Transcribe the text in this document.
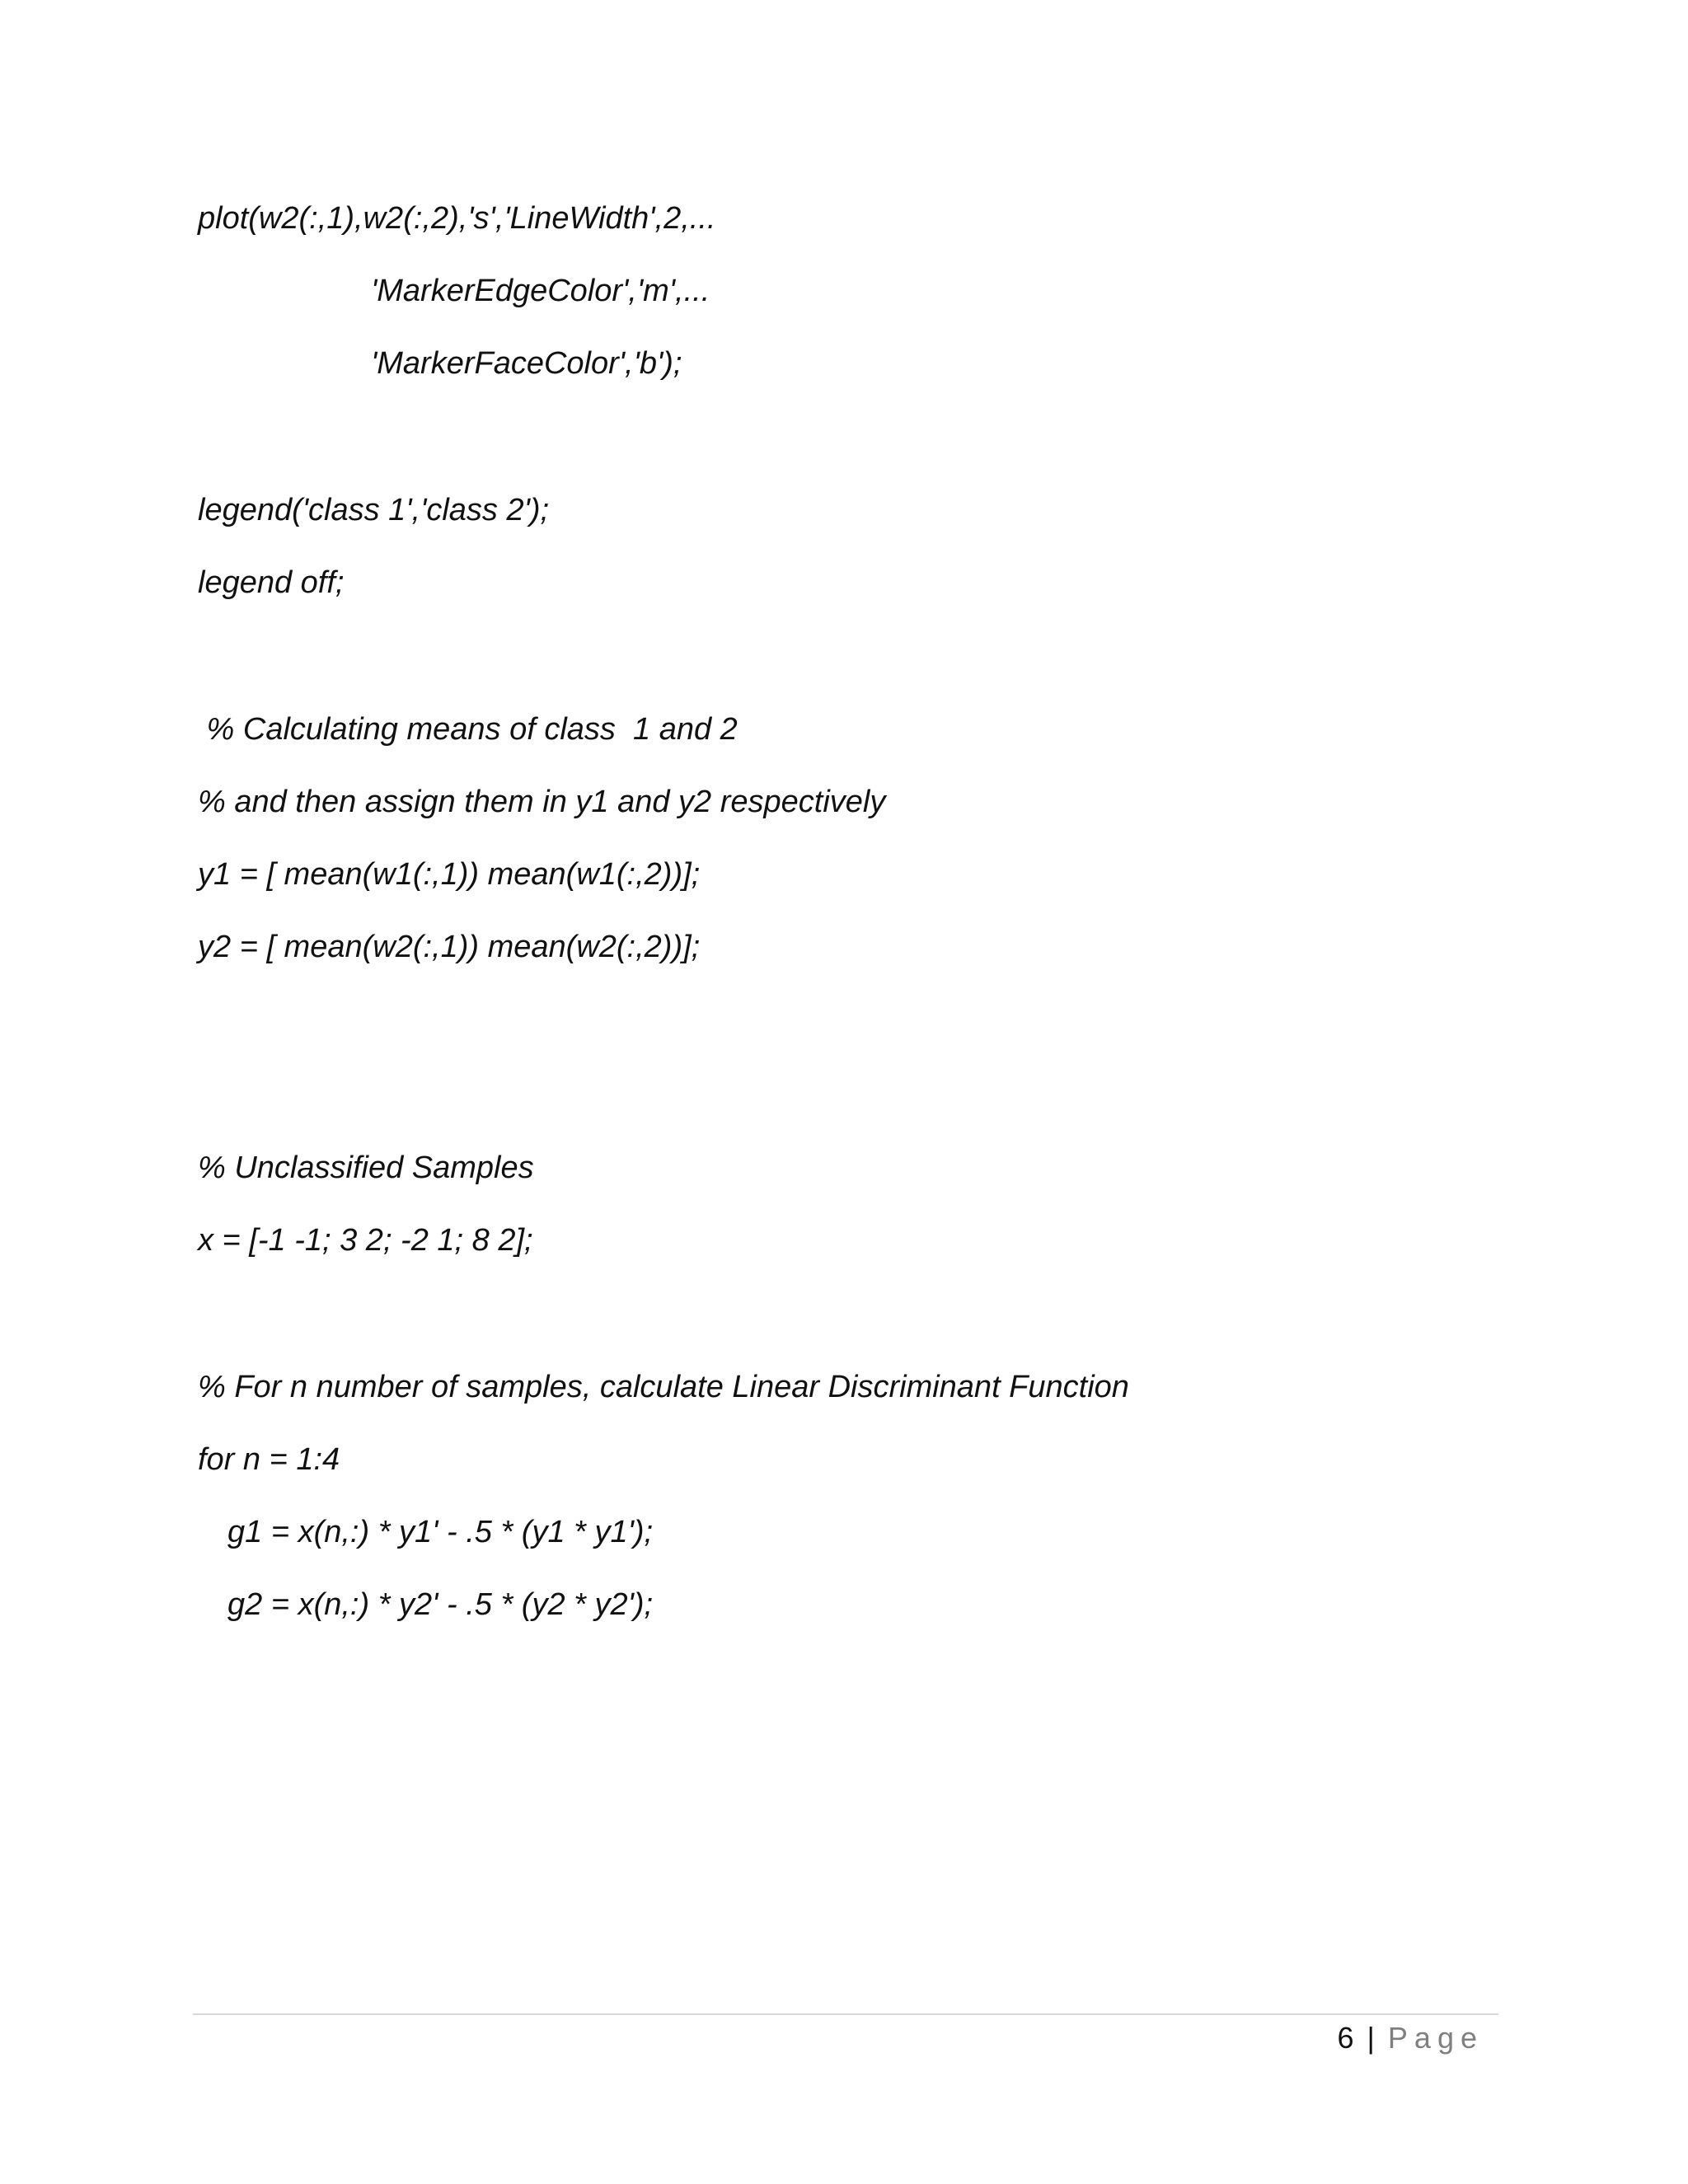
plot(w2(:,1),w2(:,2),'s','LineWidth',2,...

'MarkerEdgeColor','m',...

'MarkerFaceColor','b');

legend('class 1','class 2');

legend off;

% Calculating means of class  1 and 2

% and then assign them in y1 and y2 respectively

y1 = [ mean(w1(:,1)) mean(w1(:,2))];

y2 = [ mean(w2(:,1)) mean(w2(:,2))];

% Unclassified Samples

x = [-1 -1; 3 2; -2 1; 8 2];

% For n number of samples, calculate Linear Discriminant Function

for n = 1:4

g1 = x(n,:) * y1' - .5 * (y1 * y1');

g2 = x(n,:) * y2' - .5 * (y2 * y2');

6 | Page
